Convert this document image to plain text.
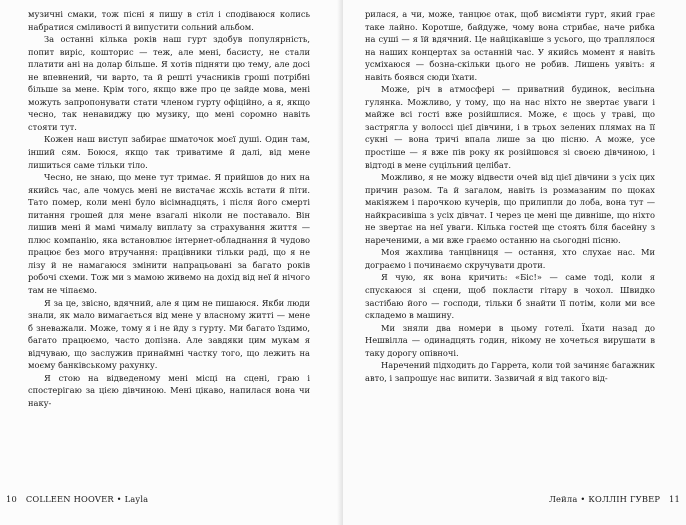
музичні смаки, тож пісні я пишу в стіл і сподіваюся колись набратися сміливості й випустити сольний альбом.

За останні кілька років наш гурт здобув популярність, попит виріс, кошторис — теж, але мені, басисту, не стали платити ані на долар більше. Я хотів підняти цю тему, але досі не впевнений, чи варто, та й решті учасників гроші потрібні більше за мене. Крім того, якщо вже про це зайде мова, мені можуть запропонувати стати членом гурту офіційно, а я, якщо чесно, так ненавиджу цю музику, що мені соромно навіть стояти тут.

Кожен наш виступ забирає шматочок моєї душі. Один там, інший сям. Боюся, якщо так триватиме й далі, від мене лишиться саме тільки тіло.

Чесно, не знаю, що мене тут тримає. Я прийшов до них на якийсь час, але чомусь мені не вистачає жсхіь встати й піти. Тато помер, коли мені було вісімнадцять, і після його смерті питання грошей для мене взагалі ніколи не поставало. Він лишив мені й мамі чималу виплату за страхування життя — плюс компанію, яка встановлює інтернет-обладнання й чудово працює без мого втручання: працівники тільки раді, що я не лізу й не намагаюся змінити напрацьовані за багато років робочі схеми. Тож ми з мамою живемо на дохід від неї й нічого там не чіпаємо.

Я за це, звісно, вдячний, але я цим не пишаюся. Якби люди знали, як мало вимагається від мене у власному житті — мене б зневажали. Може, тому я і не йду з гурту. Ми багато їздимо, багато працюємо, часто допізна. Але завдяки цим мукам я відчуваю, що заслужив принаймні частку того, що лежить на моєму банківському рахунку.

Я стою на відведеному мені місці на сцені, граю і спостерігаю за цією дівчиною. Мені цікаво, напилася вона чи наку-

10 COLLEEN HOOVER • Layla

рилася, а чи, може, танцює отак, щоб висміяти гурт, який грає таке лайно. Коротше, байдуже, чому вона стрибає, наче рибка на суші — я їй вдячний. Це найцікавіше з усього, що траплялося на наших концертах за останній час. У якийсь момент я навіть усміхаюся — бозна-скільки цього не робив. Лишень уявіть: я навіть боявся сюди їхати.

Може, річ в атмосфері — приватний будинок, весільна гулянка. Можливо, у тому, що на нас ніхто не звертає уваги і майже всі гості вже розійшлися. Може, є щось у траві, що застрягла у волоссі цієї дівчини, і в трьох зелених плямах на її сукні — вона тричі впала лише за цю пісню. А може, усе простіше — я вже пів року як розійшовся зі своєю дівчиною, і відтоді в мене суцільний целібат.

Можливо, я не можу відвести очей від цієї дівчини з усіх цих причин разом. Та й загалом, навіть із розмазаним по щоках макіяжем і парочкою кучерів, що прилипли до лоба, вона тут — найкрасивіша з усіх дівчат. І через це мені ще дивніше, що ніхто не звертає на неї уваги. Кілька гостей ще стоять біля басейну з нареченими, а ми вже граємо останню на сьогодні пісню.

Моя жахлива танцівниця — остання, хто слухає нас. Ми дограємо і починаємо скручувати дроти.

Я чую, як вона кричить: «Біс!» — саме тоді, коли я спускаюся зі сцени, щоб покласти гітару в чохол. Швидко застібаю його — господи, тільки б знайти її потім, коли ми все складемо в машину.

Ми зняли два номери в цьому готелі. Їхати назад до Нешвілла — одинадцять годин, нікому не хочеться вирушати в таку дорогу опівночі.

Наречений підходить до Гаррета, коли той зачиняє багажник авто, і запрошує нас випити. Зазвичай я від такого від-

Лейла • КОЛЛІН ГУВЕР 11
